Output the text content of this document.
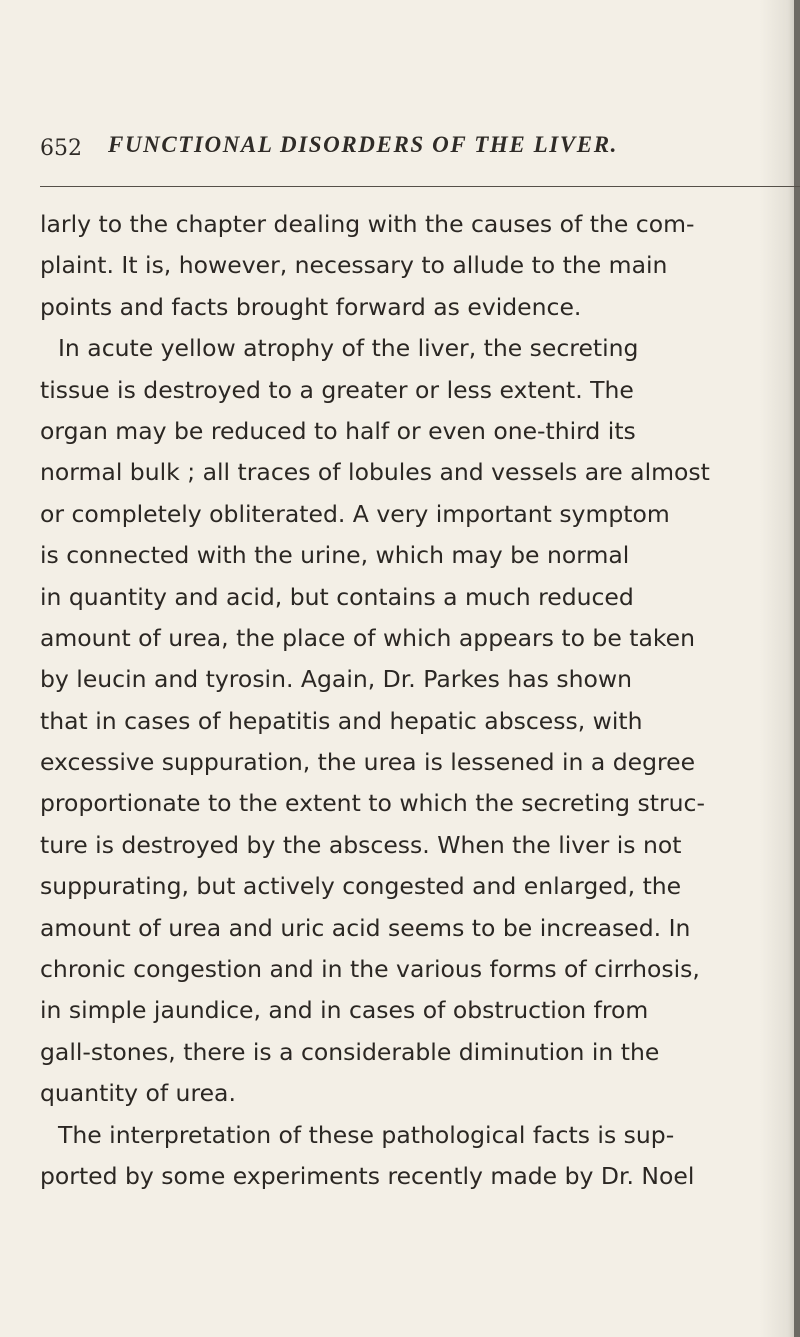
652 FUNCTIONAL DISORDERS OF THE LIVER.
larly to the chapter dealing with the causes of the com-
plaint. It is, however, necessary to allude to the main
points and facts brought forward as evidence.
In acute yellow atrophy of the liver, the secreting
tissue is destroyed to a greater or less extent. The
organ may be reduced to half or even one-third its
normal bulk ; all traces of lobules and vessels are almost
or completely obliterated. A very important symptom
is connected with the urine, which may be normal
in quantity and acid, but contains a much reduced
amount of urea, the place of which appears to be taken
by leucin and tyrosin. Again, Dr. Parkes has shown
that in cases of hepatitis and hepatic abscess, with
excessive suppuration, the urea is lessened in a degree
proportionate to the extent to which the secreting struc-
ture is destroyed by the abscess. When the liver is not
suppurating, but actively congested and enlarged, the
amount of urea and uric acid seems to be increased. In
chronic congestion and in the various forms of cirrhosis,
in simple jaundice, and in cases of obstruction from
gall-stones, there is a considerable diminution in the
quantity of urea.
The interpretation of these pathological facts is sup-
ported by some experiments recently made by Dr. Noel
